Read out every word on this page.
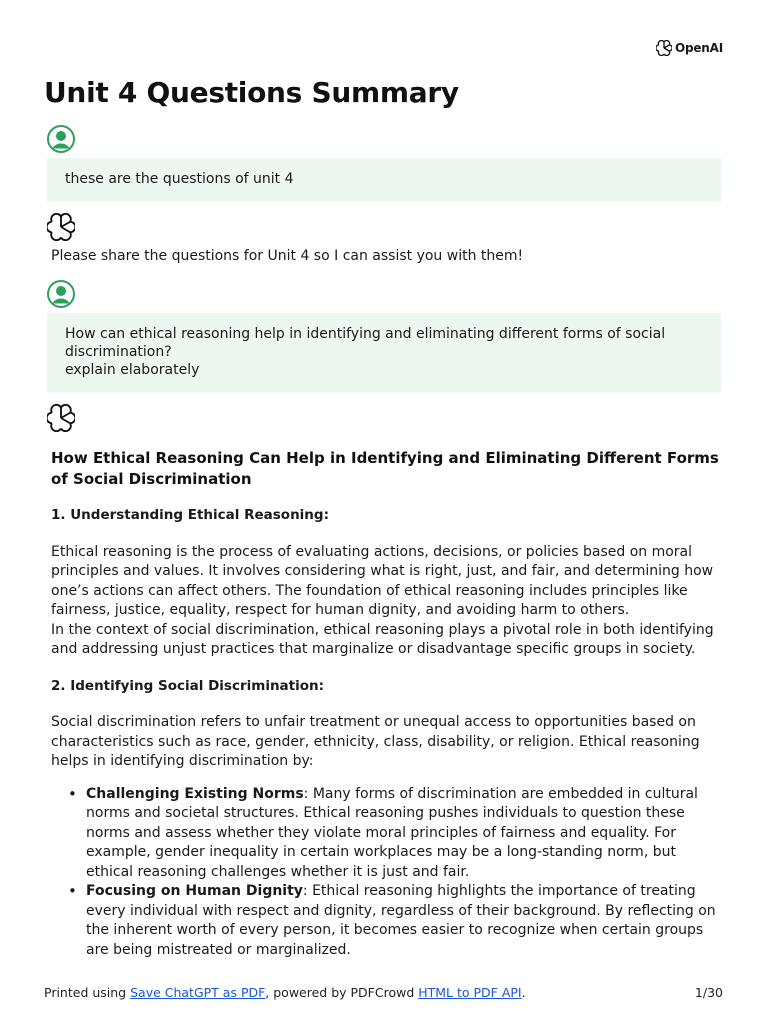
OpenAI
Unit 4 Questions Summary

these are the questions of unit 4

Please share the questions for Unit 4 so I can assist you with them!

How can ethical reasoning help in identifying and eliminating different forms of social

discrimination?

explain elaborately

How Ethical Reasoning Can Help in Identifying and Eliminating Different Forms of Social Discrimination
1. Understanding Ethical Reasoning:

Ethical reasoning is the process of evaluating actions, decisions, or policies based on moral principles and values. It involves considering what is right, just, and fair, and determining how one’s actions can affect others. The foundation of ethical reasoning includes principles like fairness, justice, equality, respect for human dignity, and avoiding harm to others.

In the context of social discrimination, ethical reasoning plays a pivotal role in both identifying and addressing unjust practices that marginalize or disadvantage specific groups in society.

2. Identifying Social Discrimination:

Social discrimination refers to unfair treatment or unequal access to opportunities based on characteristics such as race, gender, ethnicity, class, disability, or religion. Ethical reasoning helps in identifying discrimination by:

• Challenging Existing Norms: Many forms of discrimination are embedded in cultural norms and societal structures. Ethical reasoning pushes individuals to question these norms and assess whether they violate moral principles of fairness and equality. For example, gender inequality in certain workplaces may be a long-standing norm, but ethical reasoning challenges whether it is just and fair.
• Focusing on Human Dignity: Ethical reasoning highlights the importance of treating every individual with respect and dignity, regardless of their background. By reflecting on the inherent worth of every person, it becomes easier to recognize when certain groups are being mistreated or marginalized.
Printed using Save ChatGPT as PDF, powered by PDFCrowd HTML to PDF API.	1/30
